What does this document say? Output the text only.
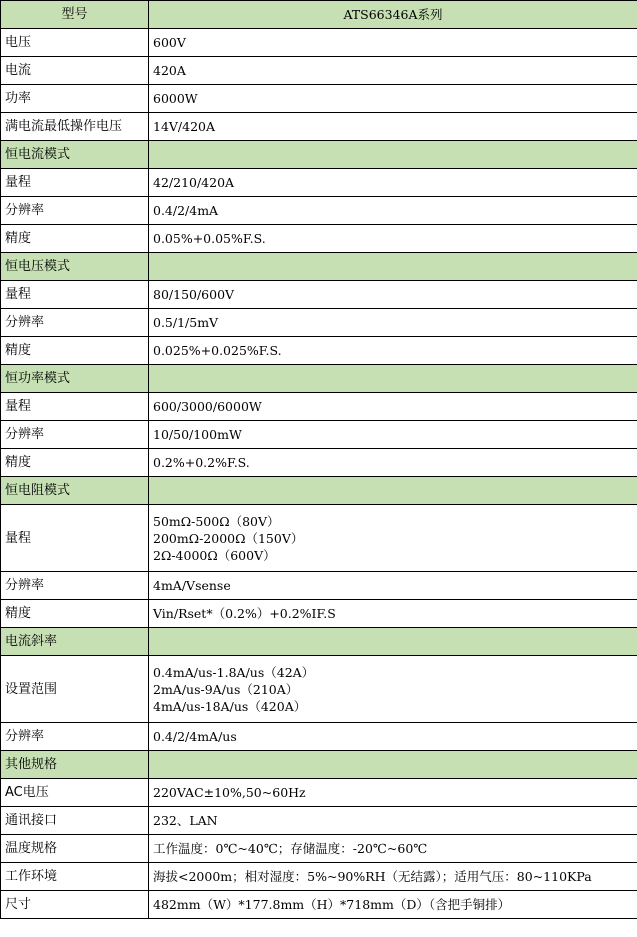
型号	ATS66346A系列
电压	600V
电流	420A
功率	6000W
满电流最低操作电压	14V/420A
恒电流模式	
量程	42/210/420A
分辨率	0.4/2/4mA
精度	0.05%+0.05%F.S.
恒电压模式	
量程	80/150/600V
分辨率	0.5/1/5mV
精度	0.025%+0.025%F.S.
恒功率模式	
量程	600/3000/6000W
分辨率	10/50/100mW
精度	0.2%+0.2%F.S.
恒电阻模式	
量程	50mΩ-500Ω（80V）
200mΩ-2000Ω（150V）
2Ω-4000Ω（600V）

分辨率	4mA/Vsense
精度	Vin/Rset*（0.2%）+0.2%IF.S
电流斜率	
设置范围	0.4mA/us-1.8A/us（42A）
2mA/us-9A/us（210A）
4mA/us-18A/us（420A）

分辨率	0.4/2/4mA/us
其他规格	
AC电压	220VAC±10%,50~60Hz
通讯接口	232、LAN
温度规格	工作温度：0℃~40℃；存储温度：-20℃~60℃
工作环境	海拔<2000m；相对湿度：5%~90%RH（无结露）；适用气压：80~110KPa
尺寸	482mm（W）*177.8mm（H）*718mm（D）（含把手铜排）
